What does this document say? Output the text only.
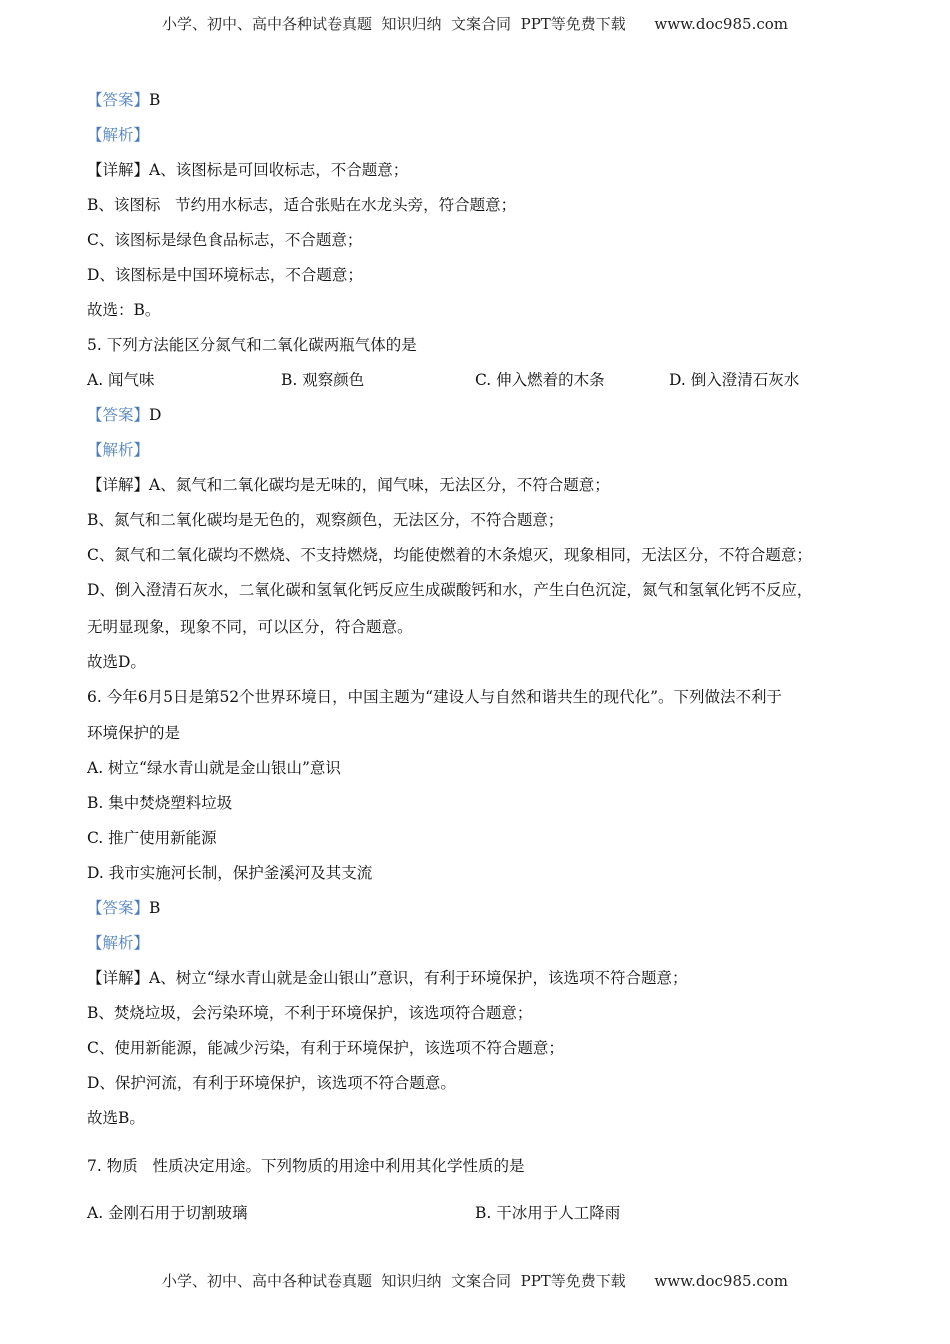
小学、初中、高中各种试卷真题  知识归纳  文案合同  PPT等免费下载      www.doc985.com
【答案】B
【解析】
【详解】A、该图标是可回收标志，不合题意；
B、该图标   节约用水标志，适合张贴在水龙头旁，符合题意；
C、该图标是绿色食品标志，不合题意；
D、该图标是中国环境标志，不合题意；
故选：B。
5. 下列方法能区分氮气和二氧化碳两瓶气体的是
【答案】D
【解析】
【详解】A、氮气和二氧化碳均是无味的，闻气味，无法区分，不符合题意；
B、氮气和二氧化碳均是无色的，观察颜色，无法区分，不符合题意；
C、氮气和二氧化碳均不燃烧、不支持燃烧，均能使燃着的木条熄灭，现象相同，无法区分，不符合题意；
D、倒入澄清石灰水，二氧化碳和氢氧化钙反应生成碳酸钙和水，产生白色沉淀，氮气和氢氧化钙不反应，
无明显现象，现象不同，可以区分，符合题意。
故选D。
6. 今年6月5日是第52个世界环境日，中国主题为“建设人与自然和谐共生的现代化”。下列做法不利于
环境保护的是
A. 树立“绿水青山就是金山银山”意识
B. 集中焚烧塑料垃圾
C. 推广使用新能源
D. 我市实施河长制，保护釜溪河及其支流
【答案】B
【解析】
【详解】A、树立“绿水青山就是金山银山”意识，有利于环境保护，该选项不符合题意；
B、焚烧垃圾，会污染环境，不利于环境保护，该选项符合题意；
C、使用新能源，能减少污染，有利于环境保护，该选项不符合题意；
D、保护河流，有利于环境保护，该选项不符合题意。
故选B。
7. 物质   性质决定用途。下列物质的用途中利用其化学性质的是
A. 闻气味	B. 观察颜色	C. 伸入燃着的木条	D. 倒入澄清石灰水
A. 金刚石用于切割玻璃	B. 干冰用于人工降雨
小学、初中、高中各种试卷真题  知识归纳  文案合同  PPT等免费下载      www.doc985.com
